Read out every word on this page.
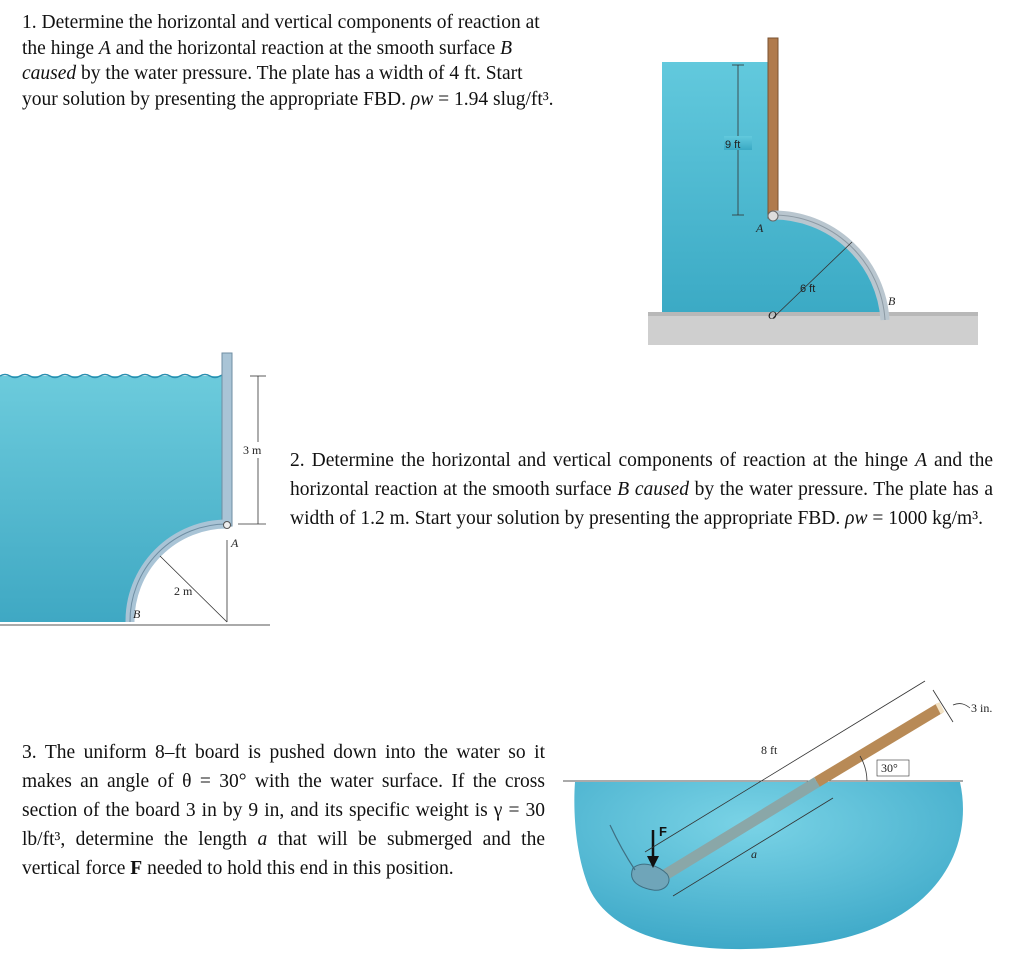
1. Determine the horizontal and vertical components of reaction at
the hinge A and the horizontal reaction at the smooth surface B
caused by the water pressure. The plate has a width of 4 ft. Start
your solution by presenting the appropriate FBD. ρw = 1.94 slug/ft³.
9 ft
6 ft
A
B
O
3 m
2 m
A
B
2. Determine the horizontal and vertical components of reaction at the hinge A and the horizontal reaction at the smooth surface B caused by the water pressure. The plate has a width of 1.2 m. Start your solution by presenting the appropriate FBD. ρw = 1000 kg/m³.
3. The uniform 8–ft board is pushed down into the water so it makes an angle of θ = 30° with the water surface. If the cross section of the board 3 in by 9 in, and its specific weight is γ = 30 lb/ft³, determine the length a that will be submerged and the vertical force F needed to hold this end in this position.
F
8 ft
a
30°
3 in.
